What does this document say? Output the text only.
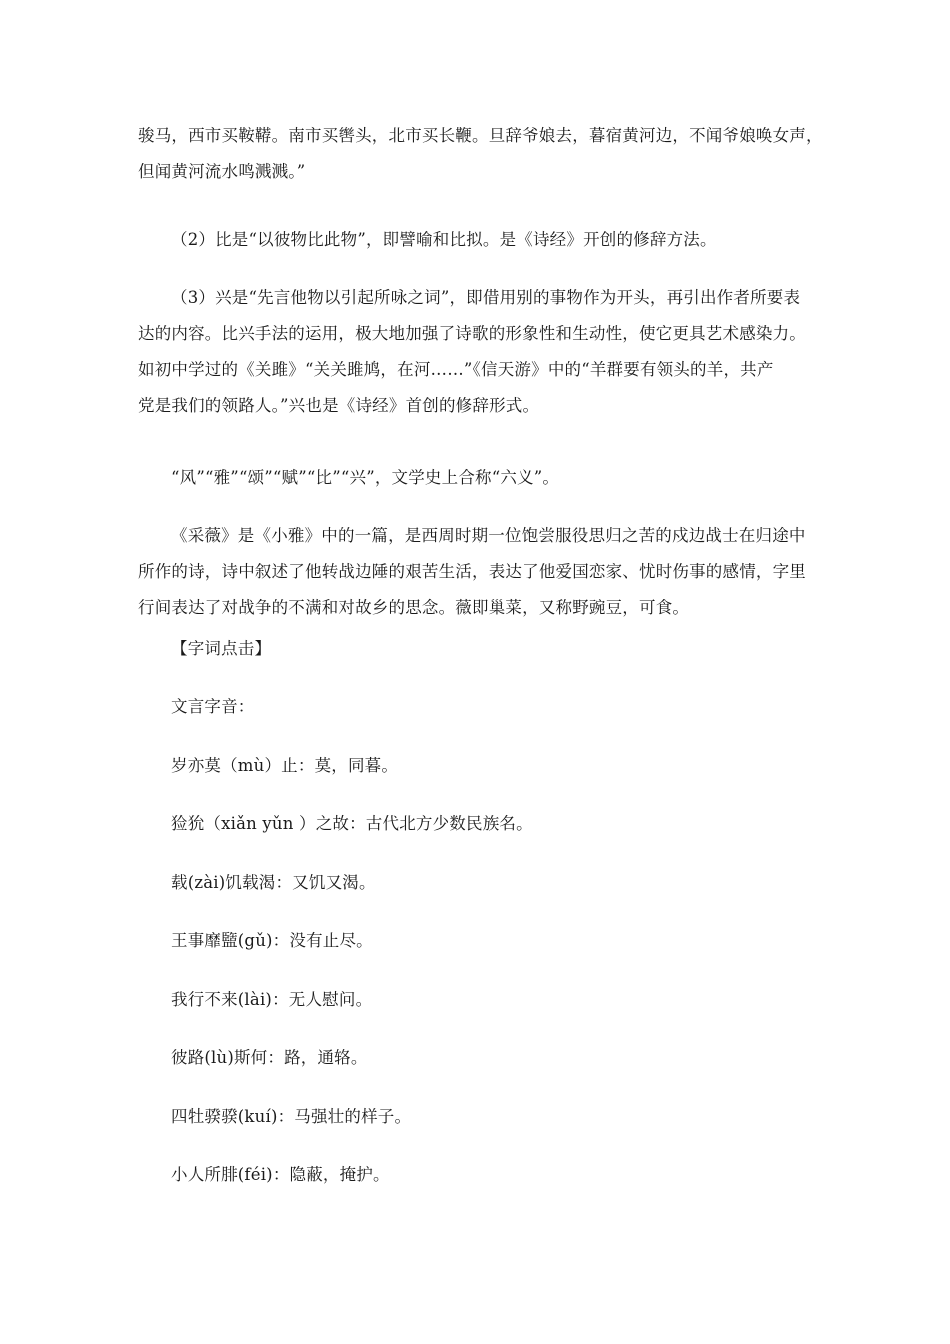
骏马，西市买鞍鞯。南市买辔头，北市买长鞭。旦辞爷娘去，暮宿黄河边，不闻爷娘唤女声，
但闻黄河流水鸣溅溅。”

（2）比是“以彼物比此物”，即譬喻和比拟。是《诗经》开创的修辞方法。

（3）兴是“先言他物以引起所咏之词”，即借用别的事物作为开头，再引出作者所要表
达的内容。比兴手法的运用，极大地加强了诗歌的形象性和生动性，使它更具艺术感染力。
如初中学过的《关雎》“关关雎鸠，在河……”《信天游》中的“羊群要有领头的羊，共产
党是我们的领路人。”兴也是《诗经》首创的修辞形式。

“风”“雅”“颂”“赋”“比”“兴”，文学史上合称“六义”。

《采薇》是《小雅》中的一篇，是西周时期一位饱尝服役思归之苦的戍边战士在归途中
所作的诗，诗中叙述了他转战边陲的艰苦生活，表达了他爱国恋家、忧时伤事的感情，字里
行间表达了对战争的不满和对故乡的思念。薇即巢菜，又称野豌豆，可食。

【字词点击】

文言字音：

岁亦莫（mù）止：莫，同暮。

猃狁（xiǎn yǔn ）之故：古代北方少数民族名。

载(zài)饥载渴：又饥又渴。

王事靡盬(gǔ)：没有止尽。

我行不来(lài)：无人慰问。

彼路(lù)斯何：路，通辂。

四牡骙骙(kuí)：马强壮的样子。

小人所腓(féi)：隐蔽，掩护。
